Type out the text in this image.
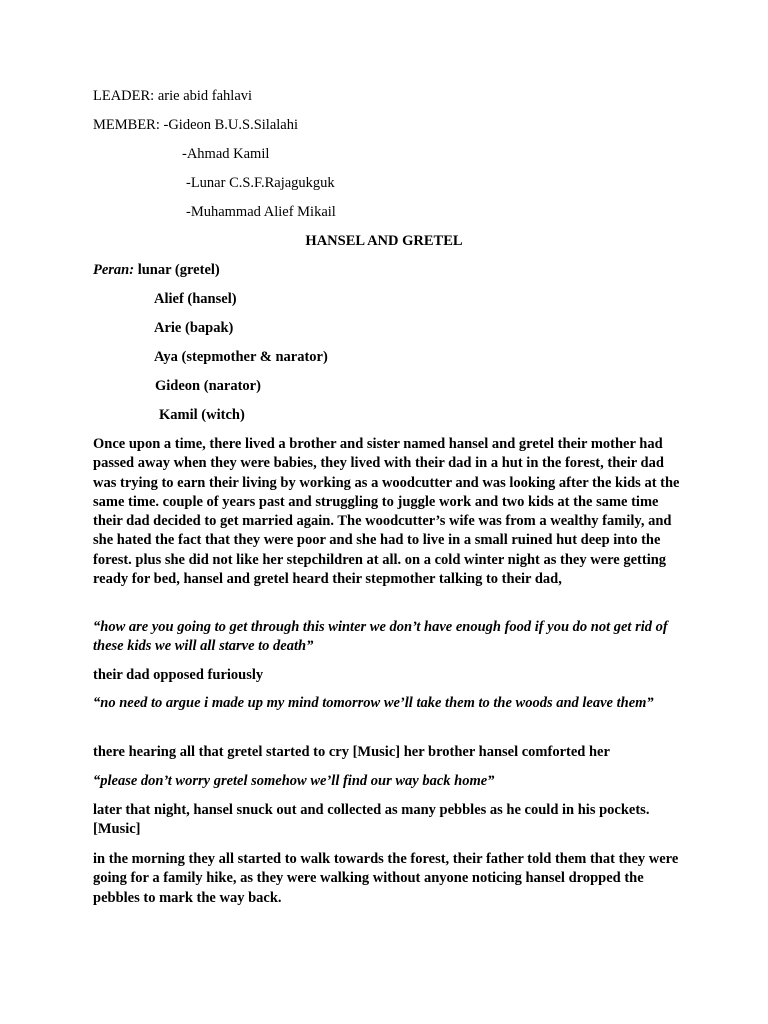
LEADER: arie abid fahlavi
MEMBER: -Gideon B.U.S.Silalahi
-Ahmad Kamil
-Lunar C.S.F.Rajagukguk
-Muhammad Alief Mikail
HANSEL AND GRETEL
Peran: lunar (gretel)
Alief (hansel)
Arie (bapak)
Aya (stepmother & narator)
Gideon (narator)
Kamil (witch)
Once upon a time, there lived a brother and sister named hansel and gretel their mother had passed away when they were babies, they lived with their dad in a hut in the forest, their dad was trying to earn their living by working as a woodcutter and was looking after the kids at the same time. couple of years past and struggling to juggle work and two kids at the same time their dad decided to get married again. The woodcutter’s wife was from a wealthy family, and she hated the fact that they were poor and she had to live in a small ruined hut deep into the forest. plus she did not like her stepchildren at all. on a cold winter night as they were getting ready for bed, hansel and gretel heard their stepmother talking to their dad,
“how are you going to get through this winter we don’t have enough food if you do not get rid of these kids we will all starve to death”
their dad opposed furiously
“no need to argue i made up my mind tomorrow we’ll take them to the woods and leave them”
there hearing all that gretel started to cry [Music] her brother hansel comforted her
“please don’t worry gretel somehow we’ll find our way back home”
later that night, hansel snuck out and collected as many pebbles as he could in his pockets. [Music]
in the morning they all started to walk towards the forest, their father told them that they were going for a family hike, as they were walking without anyone noticing hansel dropped the pebbles to mark the way back.
